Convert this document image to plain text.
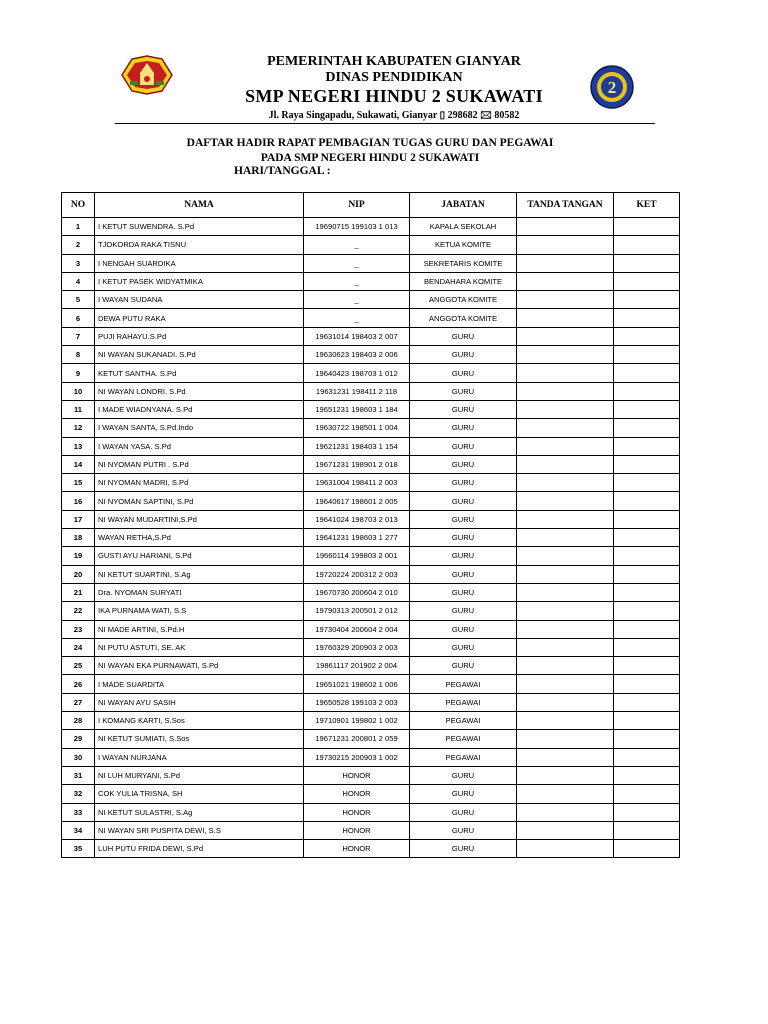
2
PEMERINTAH KABUPATEN GIANYAR
DINAS PENDIDIKAN
SMP NEGERI HINDU 2 SUKAWATI
Jl. Raya Singapadu, Sukawati, Gianyar ▯ 298682 🖂 80582
DAFTAR HADIR RAPAT PEMBAGIAN TUGAS GURU DAN PEGAWAI
PADA SMP NEGERI HINDU 2 SUKAWATI
HARI/TANGGAL :
NO	NAMA	NIP	JABATAN	TANDA TANGAN	KET
1	I KETUT SUWENDRA. S.Pd	19690715 199103 1 013	KAPALA SEKOLAH		
2	TJOKORDA RAKA TISNU	_	KETUA KOMITE		
3	I NENGAH SUARDIKA	_	SEKRETARIS KOMITE		
4	I KETUT PASEK WIDYATMIKA	_	BENDAHARA KOMITE		
5	I WAYAN SUDANA	_	ANGGOTA KOMITE		
6	DEWA PUTU RAKA	_	ANGGOTA KOMITE		
7	PUJI RAHAYU.S.Pd	19631014 198403 2 007	GURU		
8	NI WAYAN SUKANADI. S.Pd	19630623 198403 2 006	GURU		
9	KETUT SANTHA. S.Pd	19640423 198703 1 012	GURU		
10	NI WAYAN LONDRI. S.Pd	19631231 198411 2 118	GURU		
11	I MADE WIADNYANA. S.Pd	19651231 198603 1 184	GURU		
12	I WAYAN SANTA, S.Pd.Indo	19630722 198501 1 004	GURU		
13	I WAYAN YASA. S.Pd	19621231 198403 1 154	GURU		
14	NI NYOMAN PUTRI . S.Pd	19671231 198901 2 018	GURU		
15	NI NYOMAN MADRI, S.Pd	19631004 198411 2 003	GURU		
16	NI NYOMAN SAPTINI, S.Pd	19640617 198601 2 005	GURU		
17	NI WAYAN MUDARTINI,S.Pd	19641024 198703 2 013	GURU		
18	WAYAN RETHA,S.Pd	19641231 198603 1 277	GURU		
19	GUSTI AYU HARIANI, S.Pd	19660114 199803 2 001	GURU		
20	NI KETUT SUARTINI, S.Ag	19720224 200312 2 003	GURU		
21	Dra. NYOMAN SURYATI	19670730 200604 2 010	GURU		
22	IKA PURNAMA WATI, S.S	19790313 200501 2 012	GURU		
23	NI MADE ARTINI, S.Pd.H	19730404 200604 2 004	GURU		
24	NI PUTU ASTUTI, SE. AK	19760329 200903 2 003	GURU		
25	NI WAYAN EKA PURNAWATI, S.Pd	19861117 201902 2 004	GURU		
26	I MADE SUARDITA	19651021 198602 1 006	PEGAWAI		
27	NI WAYAN AYU SASIH	19650528 199103 2 003	PEGAWAI		
28	I KOMANG KARTI, S.Sos	19710901 199802 1 002	PEGAWAI		
29	NI KETUT SUMIATI, S.Sos	19671231 200801 2 059	PEGAWAI		
30	I WAYAN NURJANA	19730215 200903 1 002	PEGAWAI		
31	NI LUH MURYANI, S.Pd	HONOR	GURU		
32	COK YULIA TRISNA, SH	HONOR	GURU		
33	NI KETUT SULASTRI, S.Ag	HONOR	GURU		
34	NI WAYAN SRI PUSPITA DEWI, S.S	HONOR	GURU		
35	LUH PUTU FRIDA DEWI, S.Pd	HONOR	GURU		
